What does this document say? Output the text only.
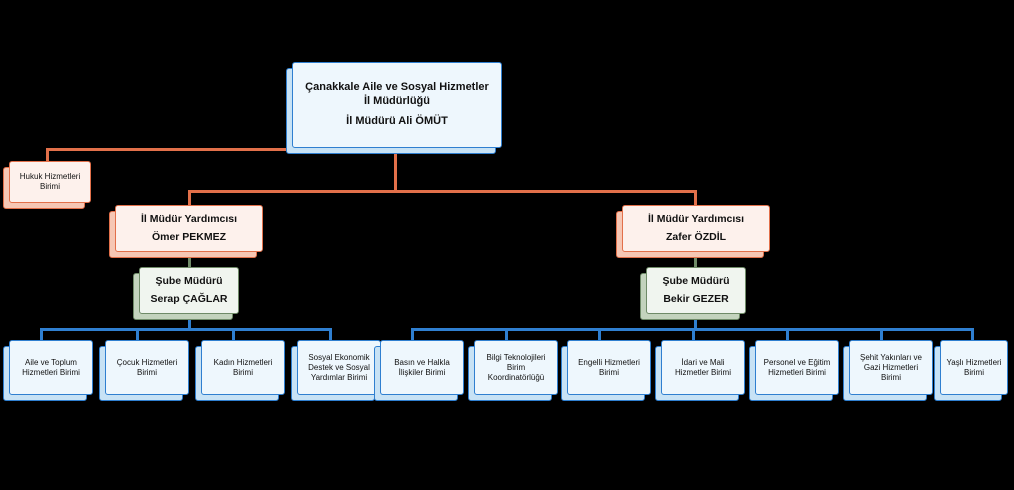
Çanakkale Aile ve Sosyal Hizmetler
İl Müdürlüğü
İl Müdürü Ali ÖMÜT
Hukuk Hizmetleri
Birimi
İl Müdür Yardımcısı
Ömer PEKMEZ
İl Müdür Yardımcısı
Zafer ÖZDİL
Şube Müdürü
Serap ÇAĞLAR
Şube Müdürü
Bekir GEZER
Aile ve Toplum
Hizmetleri Birimi
Çocuk Hizmetleri
Birimi
Kadın Hizmetleri
Birimi
Sosyal Ekonomik
Destek ve Sosyal
Yardımlar Birimi
Basın ve Halkla
İlişkiler Birimi
Bilgi Teknolojileri
Birim
Koordinatörlüğü
Engelli Hizmetleri
Birimi
İdari ve Mali
Hizmetler Birimi
Personel ve Eğitim
Hizmetleri Birimi
Şehit Yakınları ve
Gazi Hizmetleri
Birimi
Yaşlı Hizmetleri
Birimi
